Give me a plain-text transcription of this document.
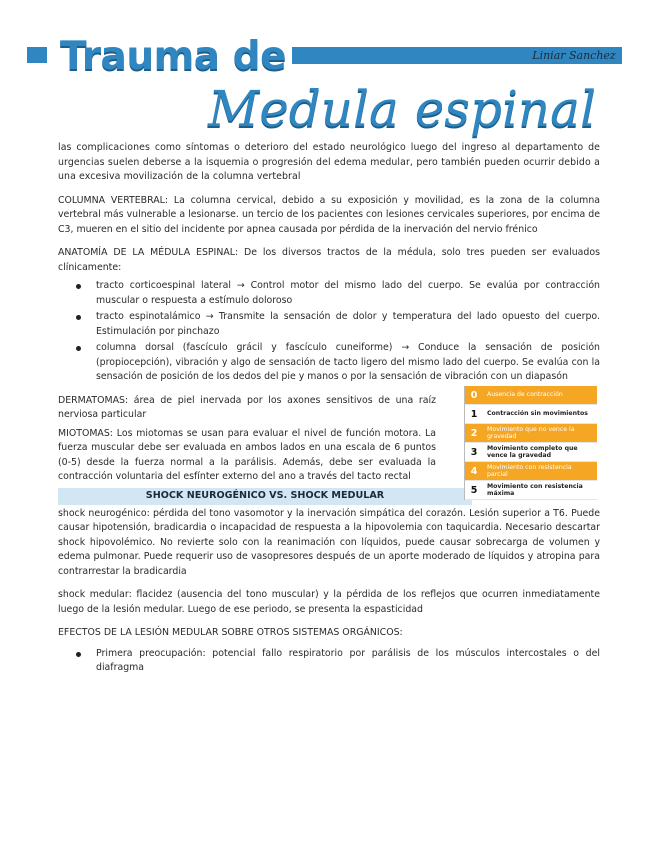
Liniar Sanchez
Trauma de
Medula espinal

las complicaciones como síntomas o deterioro del estado neurológico luego del ingreso al departamento de urgencias suelen deberse a la isquemia o progresión del edema medular, pero también pueden ocurrir debido a una excesiva movilización de la columna vertebral

COLUMNA VERTEBRAL: La columna cervical, debido a su exposición y movilidad, es la zona de la columna vertebral más vulnerable a lesionarse. un tercio de los pacientes con lesiones cervicales superiores, por encima de C3, mueren en el sitio del incidente por apnea causada por pérdida de la inervación del nervio frénico

ANATOMÍA DE LA MÉDULA ESPINAL: De los diversos tractos de la médula, solo tres pueden ser evaluados clínicamente:

tracto corticoespinal lateral → Control motor del mismo lado del cuerpo. Se evalúa por contracción muscular o respuesta a estímulo doloroso
tracto espinotalámico → Transmite la sensación de dolor y temperatura del lado opuesto del cuerpo. Estimulación por pinchazo
columna dorsal (fascículo grácil y fascículo cuneiforme) → Conduce la sensación de posición (propiocepción), vibración y algo de sensación de tacto ligero del mismo lado del cuerpo. Se evalúa con la sensación de posición de los dedos del pie y manos o por la sensación de vibración con un diapasón

DERMATOMAS: área de piel inervada por los axones sensitivos de una raíz nerviosa particular

MIOTOMAS: Los miotomas se usan para evaluar el nivel de función motora. La fuerza muscular debe ser evaluada en ambos lados en una escala de 6 puntos (0-5) desde la fuerza normal a la parálisis. Además, debe ser evaluada la contracción voluntaria del esfínter externo del ano a través del tacto rectal

SHOCK NEUROGÉNICO VS. SHOCK MEDULAR

shock neurogénico: pérdida del tono vasomotor y la inervación simpática del corazón. Lesión superior a T6. Puede causar hipotensión, bradicardia o incapacidad de respuesta a la hipovolemia con taquicardia. Necesario descartar shock hipovolémico. No revierte solo con la reanimación con líquidos, puede causar sobrecarga de volumen y edema pulmonar. Puede requerir uso de vasopresores después de un aporte moderado de líquidos y atropina para contrarrestar la bradicardia

shock medular: flacidez (ausencia del tono muscular) y la pérdida de los reflejos que ocurren inmediatamente luego de la lesión medular. Luego de ese periodo, se presenta la espasticidad

EFECTOS DE LA LESIÓN MEDULAR SOBRE OTROS SISTEMAS ORGÁNICOS:

Primera preocupación: potencial fallo respiratorio por parálisis de los músculos intercostales o del diafragma
0	Ausencia de contracción
1	Contracción sin movimientos
2	Movimiento que no vence la gravedad
3	Movimiento completo que vence la gravedad
4	Movimiento con resistencia parcial
5	Movimiento con resistencia máxima
